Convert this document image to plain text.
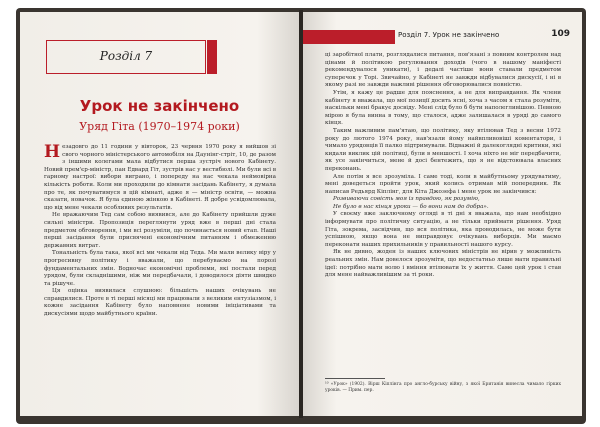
Розділ 7
Урок не закінчено
Уряд Гіта (1970–1974 роки)

Незадовго до 11 години у вівторок, 23 червня 1970 року я вийшов зі свого чорного міністерського автомобіля на Даунінг-стріт, 10, де разом з іншими колегами мала відбутися перша зустріч нового Кабінету. Новий прем'єр-міністр, пан Едвард Гіт, зустрів нас у вестибюлі. Ми були всі в гарному настрої: вибори виграно, і попереду на нас чекала неймовірна кількість роботи. Коли ми проходили до кімнати засідань Кабінету, я думала про те, як почуватимуся в цій кімнаті, адже я — міністр освіти, — можна сказати, новачок. Я була єдиною жінкою в Кабінеті. Я добре усвідомлювала, що від мене чекали особливих результатів.

Не вражаючим Тед сам собою виявився, але до Кабінету прийшли дуже сильні міністри. Пропозиція переглянути уряд вже в перші дні стала предметом обговорення, і ми всі розуміли, що починається новий етап. Наші перші засідання були присвячені економічним питанням і обмеженню державних витрат.

Тональність була така, якої всі ми чекали від Теда. Ми мали велику віру у прогресивну політику і вважали, що перебуваємо на порозі фундаментальних змін. Водночас економічні проблеми, які постали перед урядом, були складнішими, ніж ми передбачали, і доводилося діяти швидко та рішуче.

Ця оцінка виявилася слушною: більшість наших очікувань не справдилися. Проте в ті перші місяці ми працювали з великим ентузіазмом, і кожне засідання Кабінету було наповнене новими ініціативами та дискусіями щодо майбутнього країни.

Розділ 7. Урок не закінчено	109

ці заробітної плати, розглядалися питання, пов'язані з повним контролем над цінами й політикою регулювання доходів (чого в нашому маніфесті рекомендувалося уникати), і дедалі частіше вони ставали предметом суперечок у Торі. Звичайно, у Кабінеті не завжди відбувалися дискусії, і ні в якому разі не завжди важливі рішення обговорювалися повністю.

Утім, я кажу це радше для пояснення, а не для виправдання. Як члени кабінету я вважала, що мої позиції досить ясні, хоча з часом я стала розуміти, наскільки мені бракує досвіду. Мені слід було б бути наполегливішою. Певною мірою я була винна в тому, що сталося, адже залишалася в уряді до самого кінця.

Таким важливим пам'ятаю, що політику, яку втілював Тед з весни 1972 року до лютого 1974 року, нав'язали йому найвпливовіші коментатори, і чимало урядовців її палко підтримували. Відважні й далекоглядні критики, які кидали виклик цій політиці, були в меншості. І хоча ніхто не міг передбачити, як усе закінчиться, мене й досі бентежить, що я не відстоювала власних переконань.

Але потім я все зрозуміла. І саме тоді, коли в майбутньому урядуватиму, мені доведеться пройти урок, який колись отримав мій попередник. Як написав Редьярд Кіплінг, для Кіта Джозефа і мене урок не закінчився:

Розвиваючи совість моя із правдою, як розумію,

Не було в нас кінця уроки — бо вони нам до добра».

У своєму вже заключному огляді в ті дні я вважала, що нам необхідно інформувати про політичну ситуацію, а не тільки приймати рішення. Уряд Гіта, зокрема, засвідчив, що вся політика, яка проводилась, не може бути успішною, якщо вона не виправдовує очікувань виборців. Ми маємо переконати наших прихильників у правильності нашого курсу.

Як не дивно, жоден із наших ключових міністрів не вірив у можливість реальних змін. Нам довелося зрозуміти, що недостатньо лише мати правильні ідеї: потрібно мати волю і вміння втілювати їх у життя. Саме цей урок і став для мене найважливішим за ті роки.

¹⁰ «Урок» (1902). Вірш Кіплінга про англо-бурську війну, з якої Британія винесла чимало гірких уроків. — Прим. пер.
